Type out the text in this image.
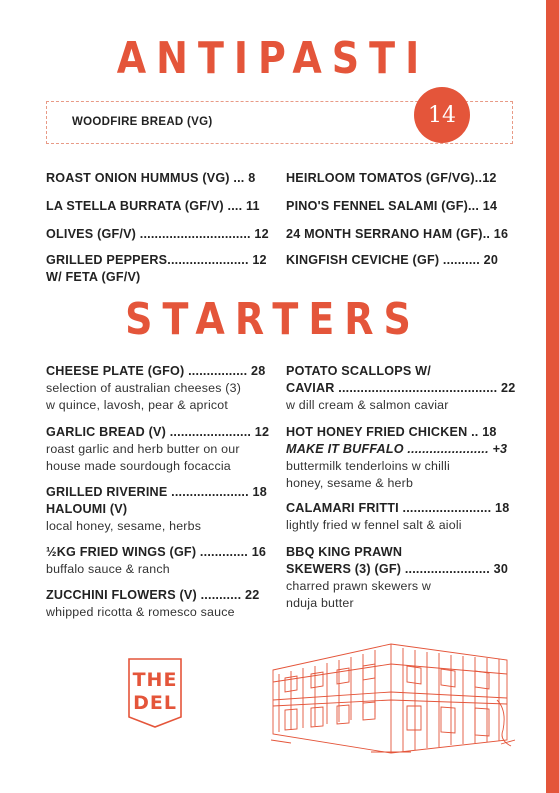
ANTIPASTI
WOODFIRE BREAD (VG)	14
ROAST ONION HUMMUS (VG) ... 8
LA STELLA BURRATA (GF/V) .... 11
OLIVES (GF/V) .............................. 12
GRILLED PEPPERS...................... 12
W/ FETA (GF/V)
HEIRLOOM TOMATOS (GF/VG)..12
PINO'S FENNEL SALAMI (GF)... 14
24 MONTH SERRANO HAM (GF).. 16
KINGFISH CEVICHE (GF) .......... 20
STARTERS
CHEESE PLATE (GFO) ................ 28
selection of australian cheeses (3)
w quince, lavosh, pear & apricot
GARLIC BREAD (V) ...................... 12
roast garlic and herb butter on our
house made sourdough focaccia
GRILLED RIVERINE ..................... 18
HALOUMI (V)
local honey, sesame, herbs
½KG FRIED WINGS (GF) ............. 16
buffalo sauce & ranch
ZUCCHINI FLOWERS (V) ........... 22
whipped ricotta & romesco sauce
POTATO SCALLOPS W/
CAVIAR ........................................... 22
w dill cream & salmon caviar
HOT HONEY FRIED CHICKEN .. 18
MAKE IT BUFFALO ...................... +3
buttermilk tenderloins w chilli
honey, sesame & herb
CALAMARI FRITTI ........................ 18
lightly fried w fennel salt & aioli
BBQ KING PRAWN
SKEWERS (3) (GF) ....................... 30
charred prawn skewers w
nduja butter
THE
DEL
